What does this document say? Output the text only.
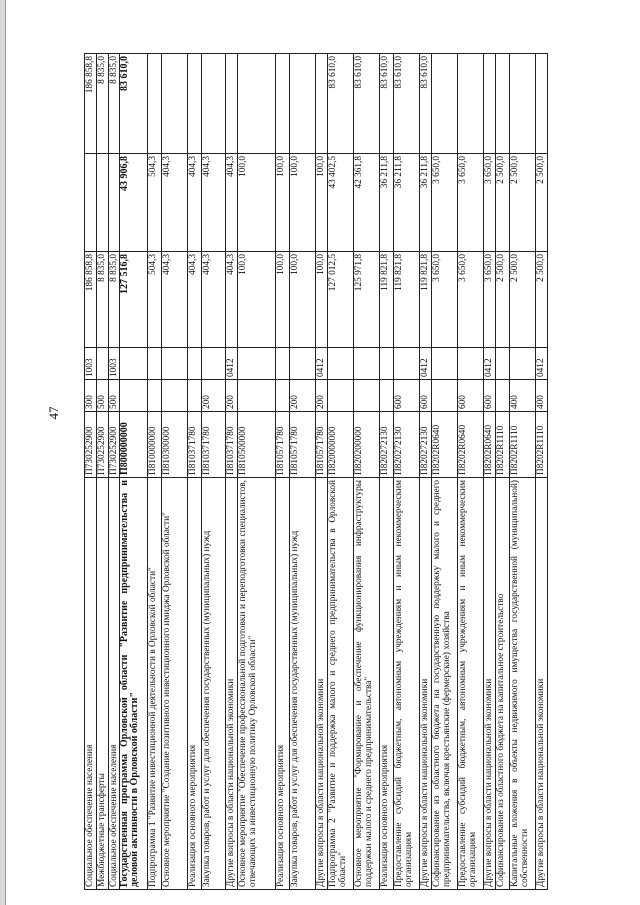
47
Социальное обеспечение населения	П730252900	300	1003	186 858,8		186 858,8
Межбюджетные трансферты	П730252900	500		8 835,0		8 835,0
Социальное обеспечение населения	П730252900	500	1003	8 835,0		8 835,0
Государственная программа Орловской области "Развитие предпринимательства и деловой активности в Орловской области"	П800000000			127 516,8	43 906,8	83 610,0
Подпрограмма 1 "Развитие инвестиционной деятельности в Орловской области"	П810000000			504,3	504,3	
Основное мероприятие "Создание позитивного инвестиционного имиджа Орловской области"	П810300000			404,3	404,3	
Реализация основного мероприятия	П810371780			404,3	404,3	
Закупка товаров, работ и услуг для обеспечения государственных (муниципальных) нужд	П810371780	200		404,3	404,3	
Другие вопросы в области национальной экономики	П810371780	200	0412	404,3	404,3	
Основное мероприятие "Обеспечение профессиональной подготовки и переподготовки специалистов, отвечающих за инвестиционную политику Орловской области"	П810500000			100,0	100,0	
Реализация основного мероприятия	П810571780			100,0	100,0	
Закупка товаров, работ и услуг для обеспечения государственных (муниципальных) нужд	П810571780	200		100,0	100,0	
Другие вопросы в области национальной экономики	П810571780	200	0412	100,0	100,0	
Подпрограмма 2 "Развитие и поддержка малого и среднего предпринимательства в Орловской области"	П820000000			127 012,5	43 402,5	83 610,0
Основное мероприятие "Формирование и обеспечение функционирования инфраструктуры поддержки малого и среднего предпринимательства"	П820200000			125 971,8	42 361,8	83 610,0
Реализация основного мероприятия	П820272130			119 821,8	36 211,8	83 610,0
Предоставление субсидий бюджетным, автономным учреждениям и иным некоммерческим организациям	П820272130	600		119 821,8	36 211,8	83 610,0
Другие вопросы в области национальной экономики	П820272130	600	0412	119 821,8	36 211,8	83 610,0
Софинансирование из областного бюджета на государственную поддержку малого и среднего предпринимательства, включая крестьянские (фермерские) хозяйства	П8202R0640			3 650,0	3 650,0	
Предоставление субсидий бюджетным, автономным учреждениям и иным некоммерческим организациям	П8202R0640	600		3 650,0	3 650,0	
Другие вопросы в области национальной экономики	П8202R0640	600	0412	3 650,0	3 650,0	
Софинансирование из областного бюджета на капитальное строительство	П8202R1110			2 500,0	2 500,0	
Капитальные вложения в объекты недвижимого имущества государственной (муниципальной) собственности	П8202R1110	400		2 500,0	2 500,0	
Другие вопросы в области национальной экономики	П8202R1110	400	0412	2 500,0	2 500,0	
